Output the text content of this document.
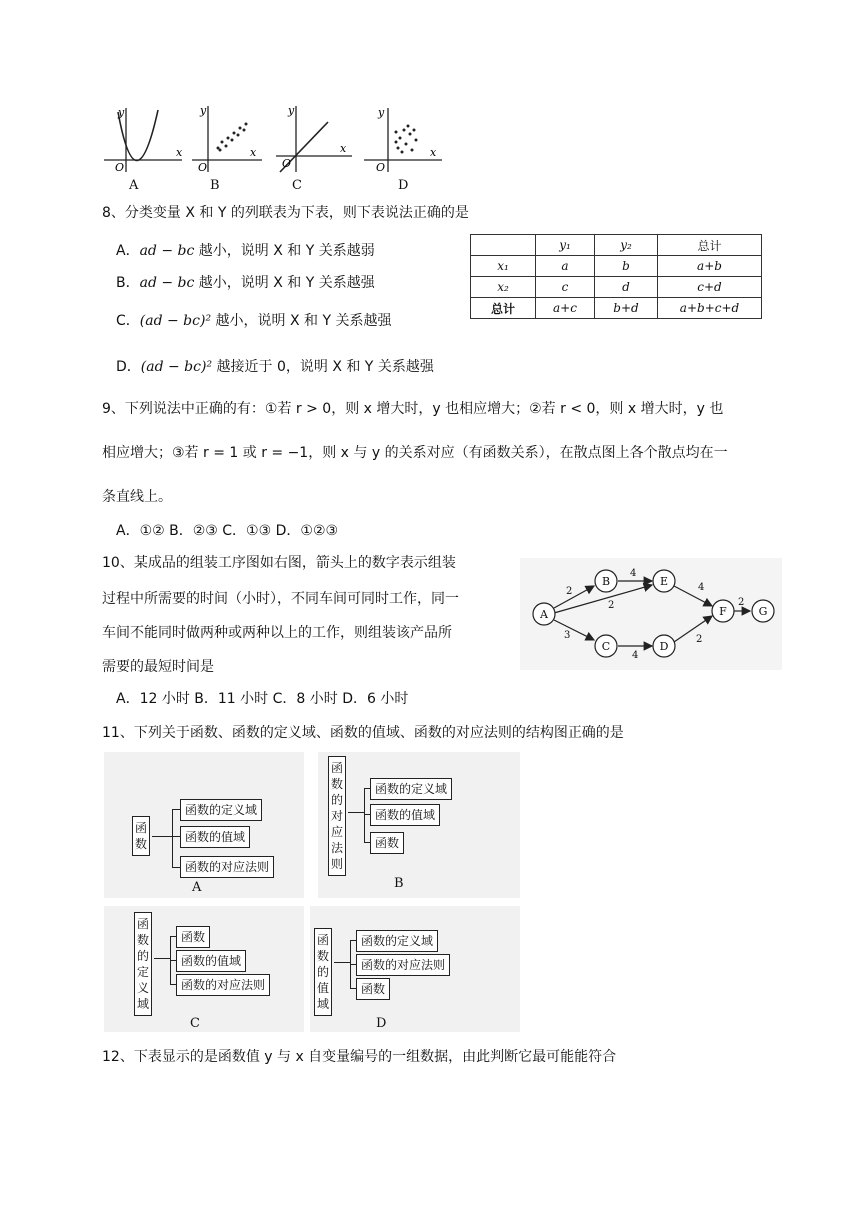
y
x
O
y
x
O
y
x
O
y
x
O
A	B	C	D
8、分类变量 X 和 Y 的列联表为下表，则下表说法正确的是
A．ad − bc 越小，说明 X 和 Y 关系越弱
B．ad − bc 越小，说明 X 和 Y 关系越强
C．(ad − bc)² 越小，说明 X 和 Y 关系越强
D．(ad − bc)² 越接近于 0，说明 X 和 Y 关系越强
	y₁	y₂	总计
x₁	a	b	a+b
x₂	c	d	c+d
总计	a+c	b+d	a+b+c+d
9、下列说法中正确的有：①若 r > 0，则 x 增大时，y 也相应增大；②若 r < 0，则 x 增大时，y 也
相应增大；③若 r = 1 或 r = −1，则 x 与 y 的关系对应（有函数关系），在散点图上各个散点均在一
条直线上。
A．①② B．②③ C．①③ D．①②③
10、某成品的组装工序图如右图，箭头上的数字表示组装
过程中所需要的时间（小时），不同车间可同时工作，同一
车间不能同时做两种或两种以上的工作，则组装该产品所
需要的最短时间是
A．12 小时 B．11 小时 C．8 小时 D．6 小时
A
B
C	D
E
F	G
2
4
2
3
4
4
2
2
11、下列关于函数、函数的定义域、函数的值域、函数的对应法则的结构图正确的是
函数
函数的定义域
函数的值域
函数的对应法则
A
函数的对应法则
函数的定义域
函数的值域
函数
B
函数的定义域
函数
函数的值域
函数的对应法则
C
函数的值域
函数的定义域
函数的对应法则
函数
D
12、下表显示的是函数值 y 与 x 自变量编号的一组数据，由此判断它最可能能符合
